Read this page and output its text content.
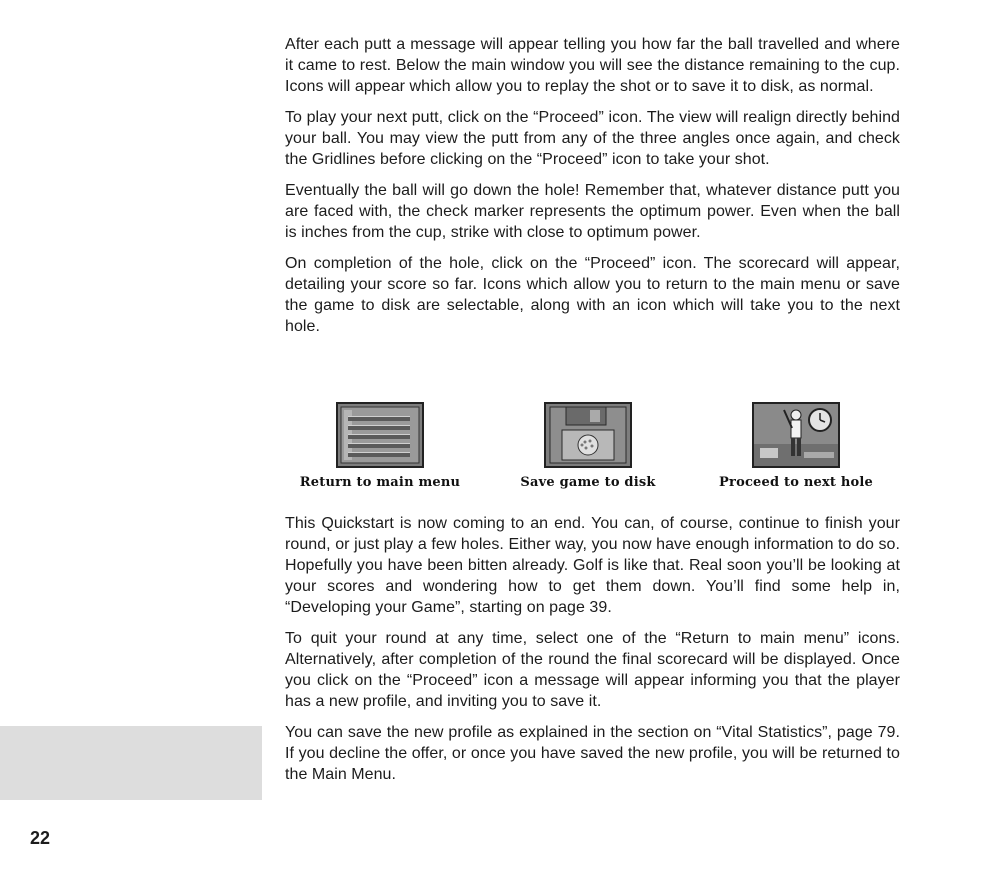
After each putt a message will appear telling you how far the ball travelled and where it came to rest. Below the main window you will see the distance remaining to the cup. Icons will appear which allow you to replay the shot or to save it to disk, as normal.

To play your next putt, click on the “Proceed” icon. The view will realign directly behind your ball. You may view the putt from any of the three angles once again, and check the Gridlines before clicking on the “Proceed” icon to take your shot.

Eventually the ball will go down the hole! Remember that, whatever distance putt you are faced with, the check marker represents the optimum power. Even when the ball is inches from the cup, strike with close to optimum power.

On completion of the hole, click on the “Proceed” icon. The scorecard will appear, detailing your score so far. Icons which allow you to return to the main menu or save the game to disk are selectable, along with an icon which will take you to the next hole.

Return to main menu	Save game to disk	Proceed to next hole

This Quickstart is now coming to an end. You can, of course, continue to finish your round, or just play a few holes. Either way, you now have enough information to do so. Hopefully you have been bitten already. Golf is like that. Real soon you’ll be looking at your scores and wondering how to get them down. You’ll find some help in, “Developing your Game”, starting on page 39.

To quit your round at any time, select one of the “Return to main menu” icons. Alternatively, after completion of the round the final scorecard will be displayed. Once you click on the “Proceed” icon a message will appear informing you that the player has a new profile, and inviting you to save it.

You can save the new profile as explained in the section on “Vital Statistics”, page 79. If you decline the offer, or once you have saved the new profile, you will be returned to the Main Menu.

22
